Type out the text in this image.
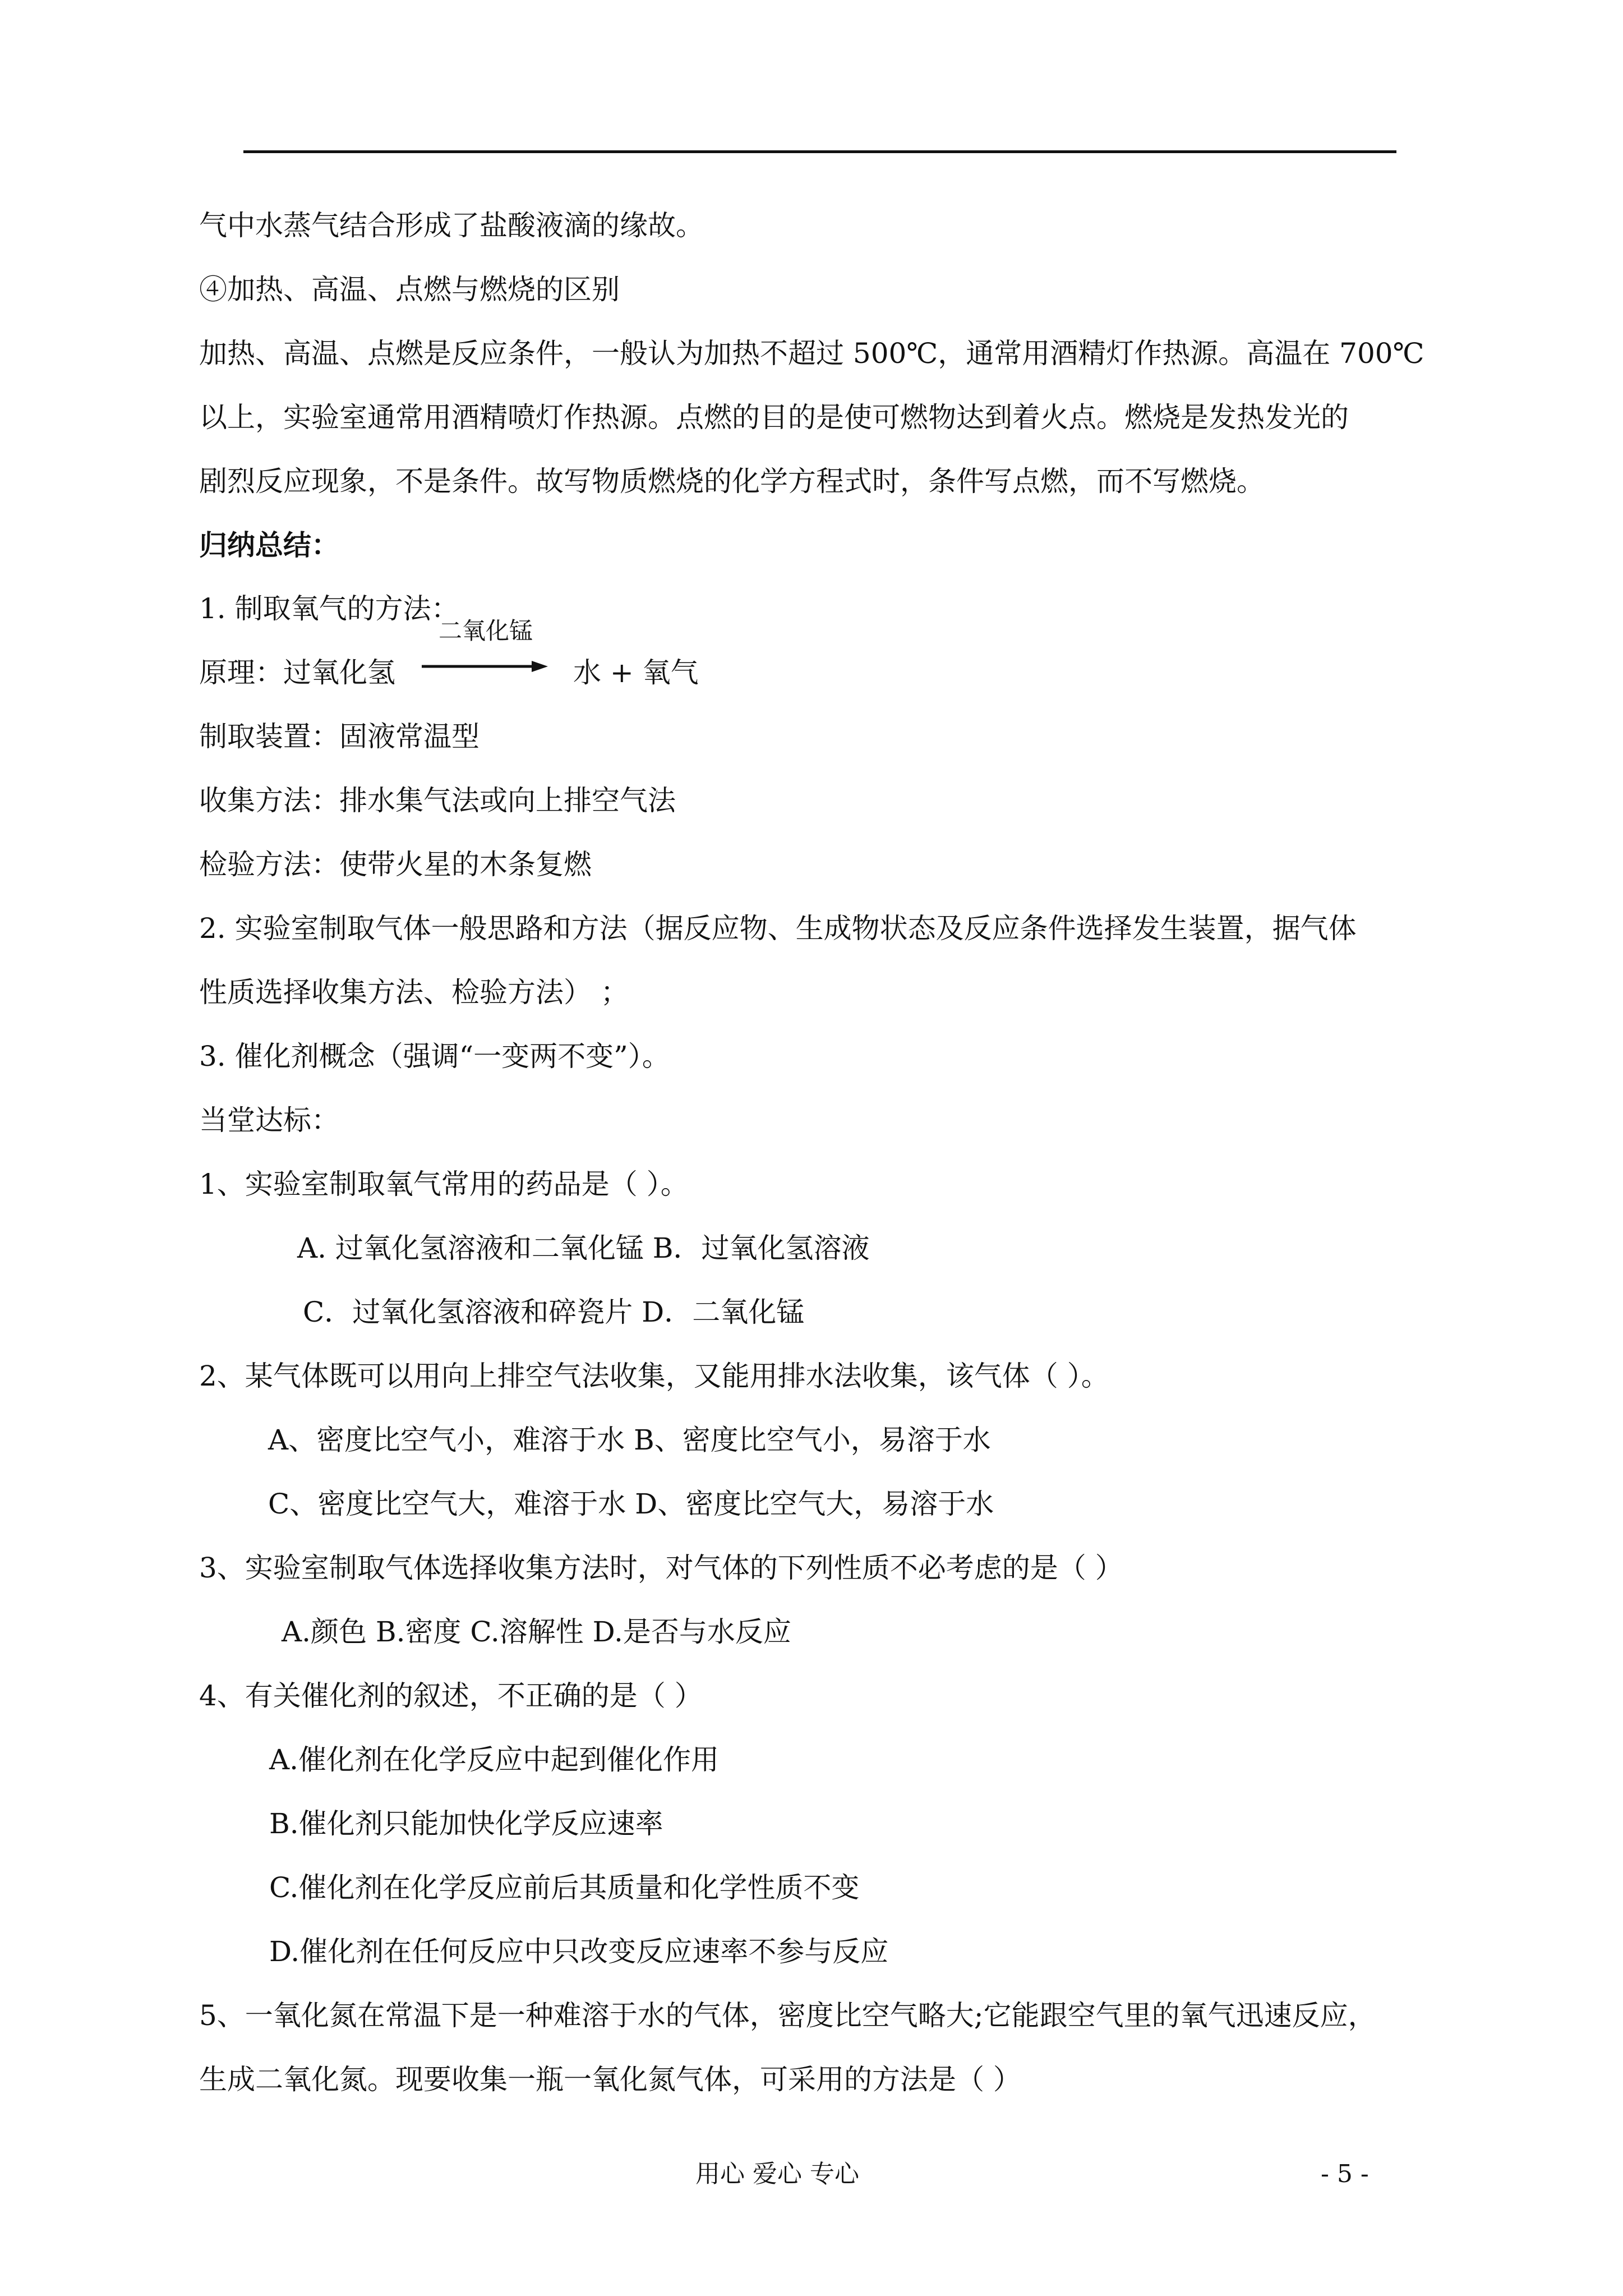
气中水蒸气结合形成了盐酸液滴的缘故。
④加热、高温、点燃与燃烧的区别
加热、高温、点燃是反应条件，一般认为加热不超过 500℃，通常用酒精灯作热源。高温在 700℃
以上，实验室通常用酒精喷灯作热源。点燃的目的是使可燃物达到着火点。燃烧是发热发光的
剧烈反应现象，不是条件。故写物质燃烧的化学方程式时，条件写点燃，而不写燃烧。
归纳总结：
1. 制取氧气的方法：
二氧化锰
原理：过氧化氢	水 + 氧气
制取装置：固液常温型
收集方法：排水集气法或向上排空气法
检验方法：使带火星的木条复燃
2. 实验室制取气体一般思路和方法（据反应物、生成物状态及反应条件选择发生装置，据气体
性质选择收集方法、检验方法） ；
3. 催化剂概念（强调“一变两不变”）。
当堂达标：
1、实验室制取氧气常用的药品是（ ）。
A. 过氧化氢溶液和二氧化锰 B．过氧化氢溶液
C．过氧化氢溶液和碎瓷片 D．二氧化锰
2、某气体既可以用向上排空气法收集，又能用排水法收集，该气体（ ）。
A、密度比空气小，难溶于水 B、密度比空气小，易溶于水
C、密度比空气大，难溶于水 D、密度比空气大，易溶于水
3、实验室制取气体选择收集方法时，对气体的下列性质不必考虑的是（ ）
A.颜色 B.密度 C.溶解性 D.是否与水反应
4、有关催化剂的叙述，不正确的是（ ）
A.催化剂在化学反应中起到催化作用
B.催化剂只能加快化学反应速率
C.催化剂在化学反应前后其质量和化学性质不变
D.催化剂在任何反应中只改变反应速率不参与反应
5、一氧化氮在常温下是一种难溶于水的气体，密度比空气略大;它能跟空气里的氧气迅速反应，
生成二氧化氮。现要收集一瓶一氧化氮气体，可采用的方法是（ ）
用心 爱心 专心	- 5 -
